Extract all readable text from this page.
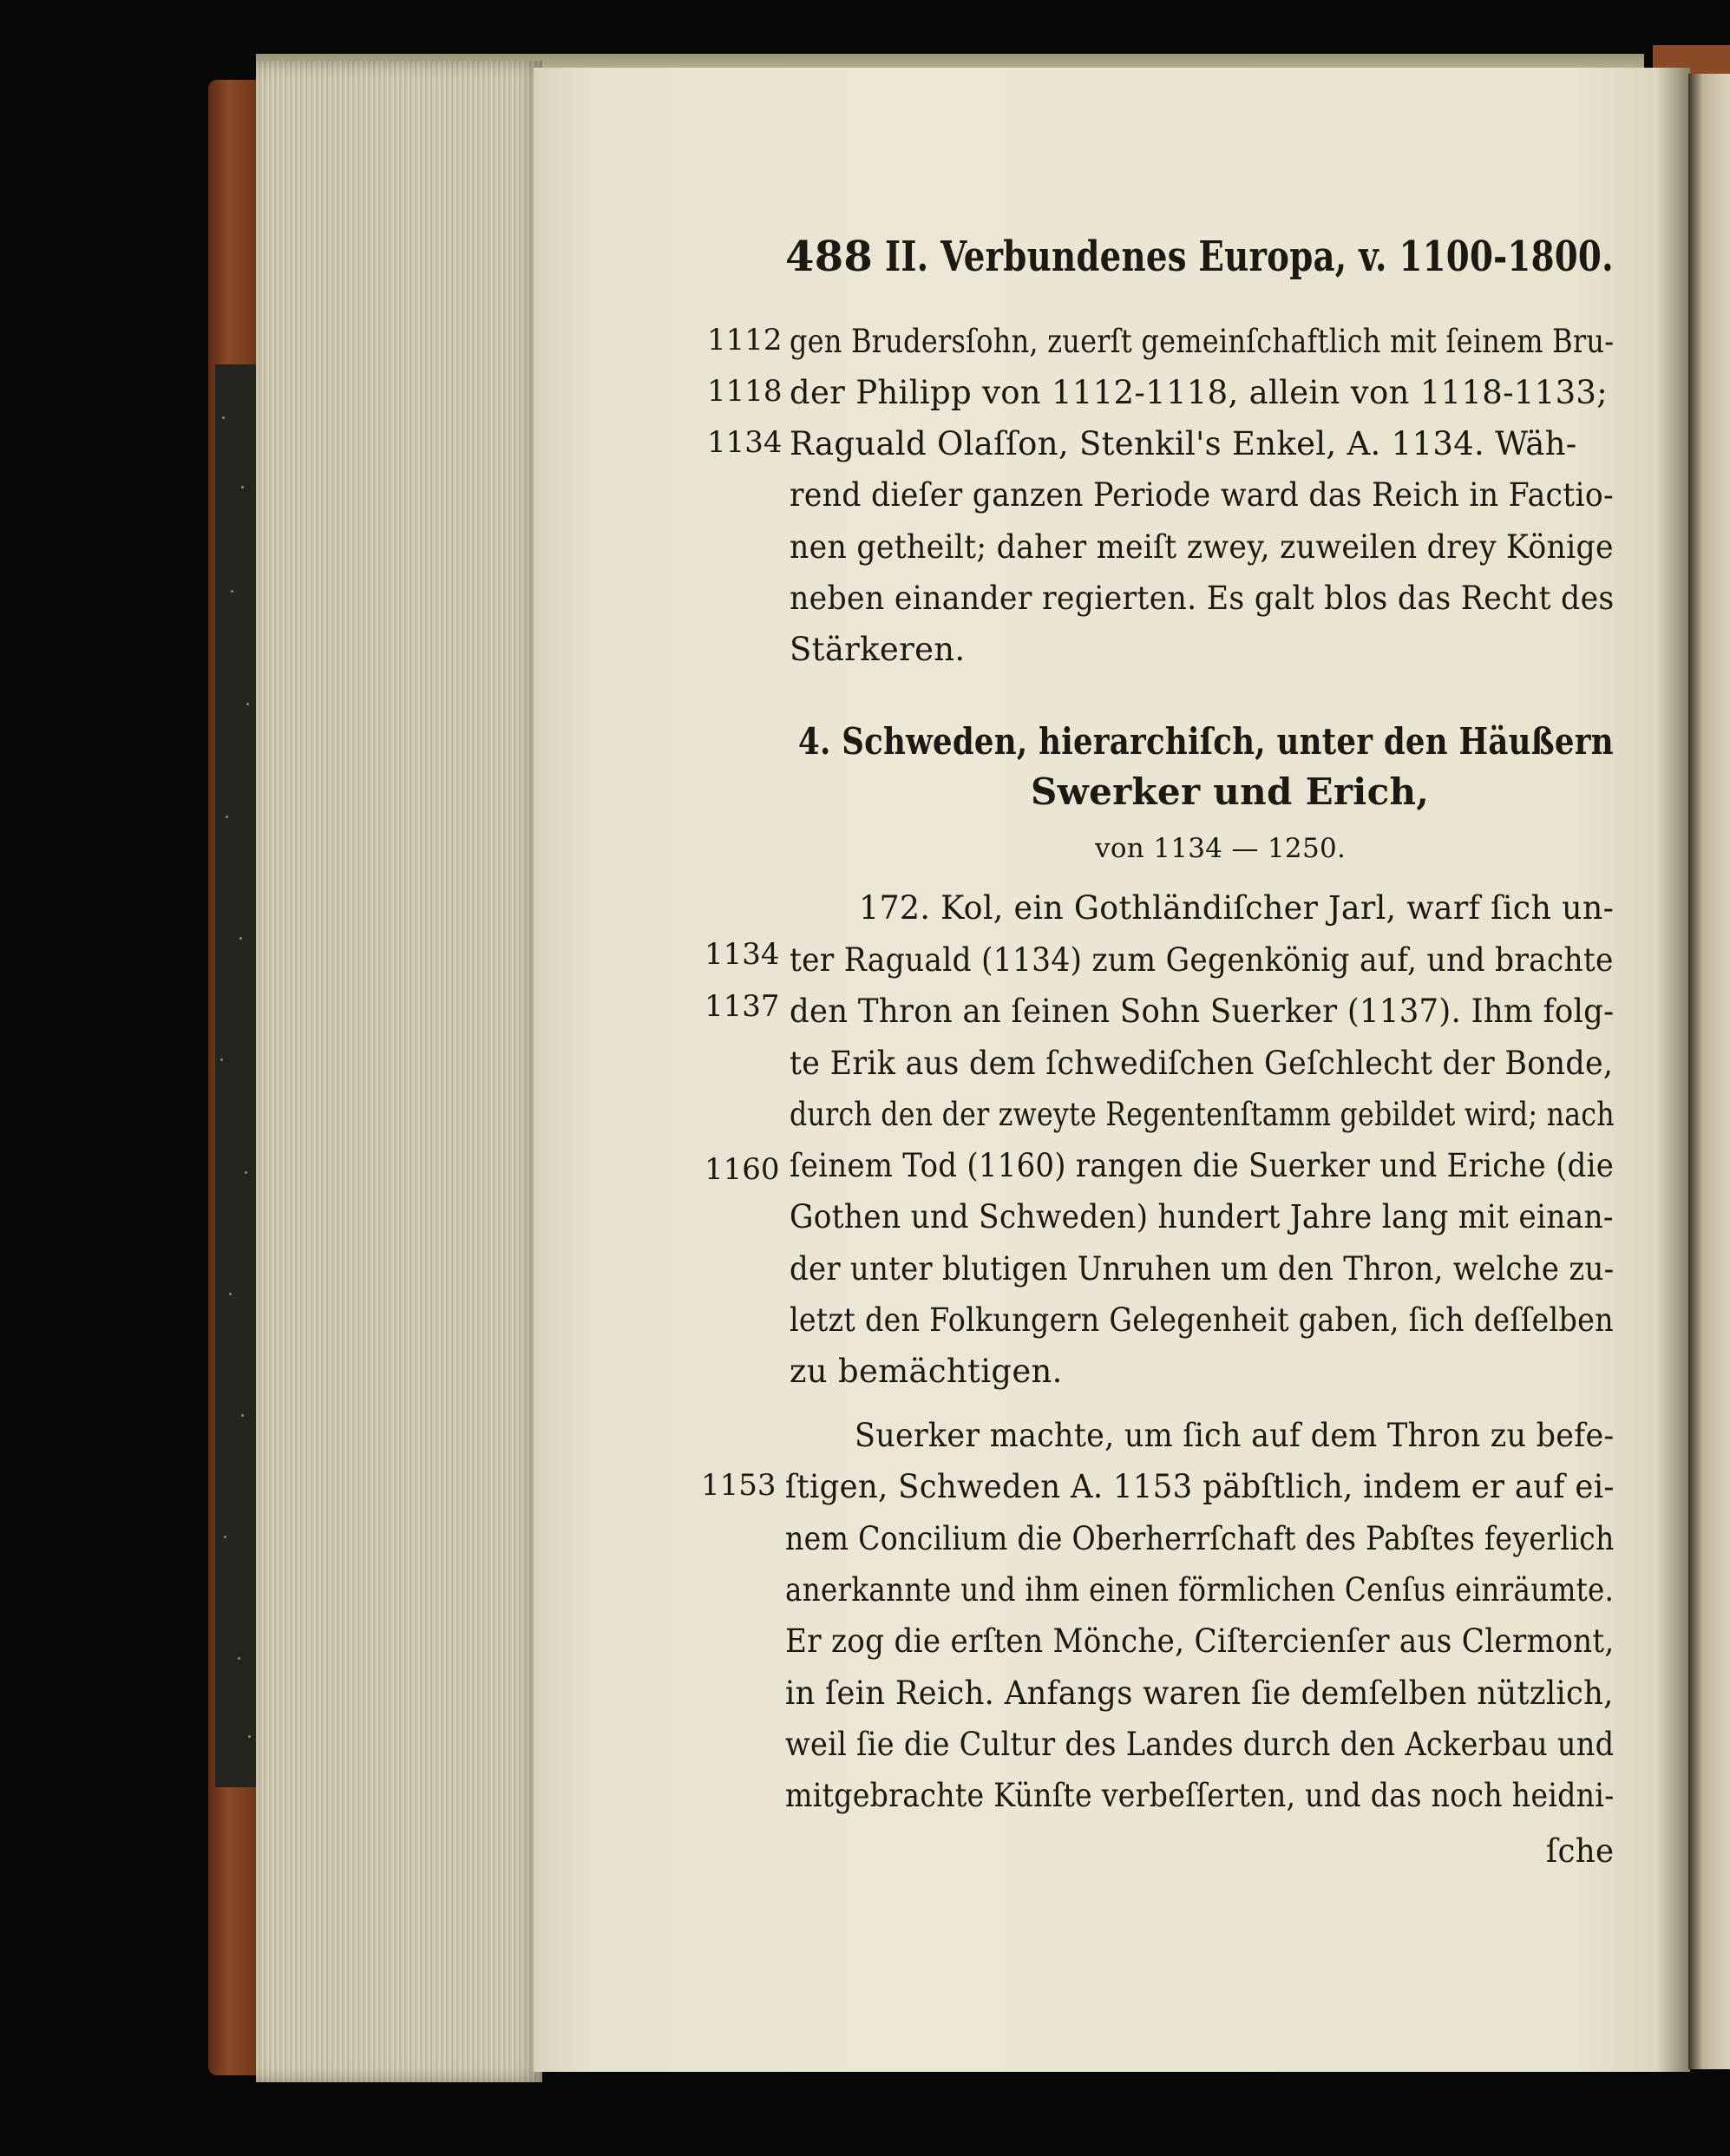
488 II. Verbundenes Europa, v. 1100-1800.
1112
1118
1134
gen Brudersſohn, zuerſt gemeinſchaftlich mit ſeinem Bru-
der Philipp von 1112-1118, allein von 1118-1133;
Raguald Olaſſon, Stenkil's Enkel, A. 1134. Wäh-
rend dieſer ganzen Periode ward das Reich in Factio-
nen getheilt; daher meiſt zwey, zuweilen drey Könige
neben einander regierten. Es galt blos das Recht des
Stärkeren.
4. Schweden, hierarchiſch, unter den Häußern
Swerker und Erich,
von 1134 — 1250.
1134
1137
1160
172. Kol, ein Gothländiſcher Jarl, warf ſich un-
ter Raguald (1134) zum Gegenkönig auf, und brachte
den Thron an ſeinen Sohn Suerker (1137). Ihm folg-
te Erik aus dem ſchwediſchen Geſchlecht der Bonde,
durch den der zweyte Regentenſtamm gebildet wird; nach
ſeinem Tod (1160) rangen die Suerker und Eriche (die
Gothen und Schweden) hundert Jahre lang mit einan-
der unter blutigen Unruhen um den Thron, welche zu-
letzt den Folkungern Gelegenheit gaben, ſich deſſelben
zu bemächtigen.
1153
Suerker machte, um ſich auf dem Thron zu befe-
ſtigen, Schweden A. 1153 päbſtlich, indem er auf ei-
nem Concilium die Oberherrſchaft des Pabſtes feyerlich
anerkannte und ihm einen förmlichen Cenſus einräumte.
Er zog die erſten Mönche, Ciſtercienſer aus Clermont,
in ſein Reich. Anfangs waren ſie demſelben nützlich,
weil ſie die Cultur des Landes durch den Ackerbau und
mitgebrachte Künſte verbeſſerten, und das noch heidni-
ſche
